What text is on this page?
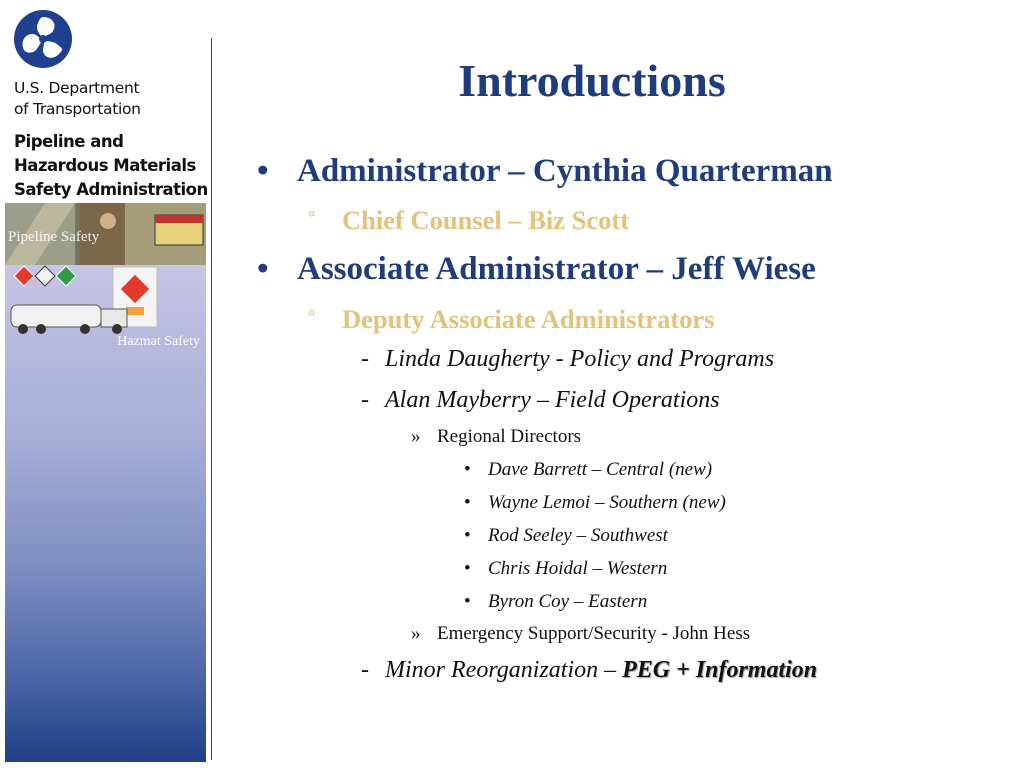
U.S. Department
of Transportation
Pipeline and
Hazardous Materials
Safety Administration
Pipeline Safety
Hazmat Safety
Introductions
• Administrator – Cynthia Quarterman
° Chief Counsel – Biz Scott
• Associate Administrator – Jeff Wiese
° Deputy Associate Administrators
- Linda Daugherty - Policy and Programs
- Alan Mayberry – Field Operations
» Regional Directors
• Dave Barrett – Central (new)
• Wayne Lemoi – Southern (new)
• Rod Seeley – Southwest
• Chris Hoidal – Western
• Byron Coy – Eastern
» Emergency Support/Security - John Hess
- Minor Reorganization – PEG + Information
